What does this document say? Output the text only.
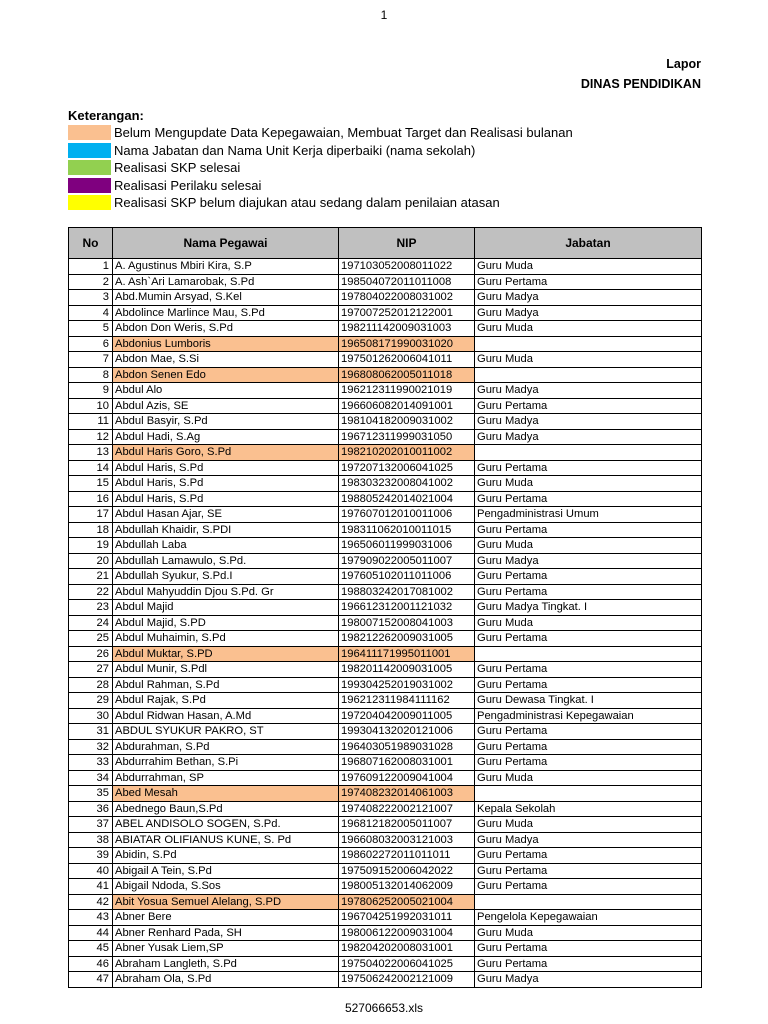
1
Lapor
DINAS PENDIDIKAN
Keterangan:
Belum Mengupdate Data Kepegawaian, Membuat Target dan Realisasi bulanan
Nama Jabatan dan Nama Unit Kerja diperbaiki (nama sekolah)
Realisasi SKP selesai
Realisasi Perilaku selesai
Realisasi SKP belum diajukan atau sedang dalam penilaian atasan
No	Nama Pegawai	NIP	Jabatan
1	A. Agustinus Mbiri Kira, S.P	197103052008011022	Guru Muda
2	A. Ash`Ari Lamarobak, S.Pd	198504072011011008	Guru Pertama
3	Abd.Mumin Arsyad, S.Kel	197804022008031002	Guru Madya
4	Abdolince Marlince Mau, S.Pd	197007252012122001	Guru Madya
5	Abdon Don Weris, S.Pd	198211142009031003	Guru Muda
6	Abdonius Lumboris	196508171990031020	
7	Abdon Mae, S.Si	197501262006041011	Guru Muda
8	Abdon Senen Edo	196808062005011018	
9	Abdul Alo	196212311990021019	Guru Madya
10	Abdul Azis, SE	196606082014091001	Guru Pertama
11	Abdul Basyir, S.Pd	198104182009031002	Guru Madya
12	Abdul Hadi, S.Ag	196712311999031050	Guru Madya
13	Abdul Haris Goro, S.Pd	198210202010011002	
14	Abdul Haris, S.Pd	197207132006041025	Guru Pertama
15	Abdul Haris, S.Pd	198303232008041002	Guru Muda
16	Abdul Haris, S.Pd	198805242014021004	Guru Pertama
17	Abdul Hasan Ajar, SE	197607012010011006	Pengadministrasi Umum
18	Abdullah Khaidir, S.PDI	198311062010011015	Guru Pertama
19	Abdullah Laba	196506011999031006	Guru Muda
20	Abdullah Lamawulo, S.Pd.	197909022005011007	Guru Madya
21	Abdullah Syukur, S.Pd.I	197605102011011006	Guru Pertama
22	Abdul Mahyuddin Djou S.Pd. Gr	198803242017081002	Guru Pertama
23	Abdul Majid	196612312001121032	Guru Madya Tingkat. I
24	Abdul Majid, S.PD	198007152008041003	Guru Muda
25	Abdul Muhaimin, S.Pd	198212262009031005	Guru Pertama
26	Abdul Muktar, S.PD	196411171995011001	
27	Abdul Munir, S.Pdl	198201142009031005	Guru Pertama
28	Abdul Rahman, S.Pd	199304252019031002	Guru Pertama
29	Abdul Rajak, S.Pd	196212311984111162	Guru Dewasa Tingkat. I
30	Abdul Ridwan Hasan, A.Md	197204042009011005	Pengadministrasi Kepegawaian
31	ABDUL SYUKUR PAKRO, ST	199304132020121006	Guru Pertama
32	Abdurahman, S.Pd	196403051989031028	Guru Pertama
33	Abdurrahim Bethan, S.Pi	196807162008031001	Guru Pertama
34	Abdurrahman, SP	197609122009041004	Guru Muda
35	Abed Mesah	197408232014061003	
36	Abednego Baun,S.Pd	197408222002121007	Kepala Sekolah
37	ABEL ANDISOLO SOGEN, S.Pd.	196812182005011007	Guru Muda
38	ABIATAR OLIFIANUS KUNE, S. Pd	196608032003121003	Guru Madya
39	Abidin, S.Pd	198602272011011011	Guru Pertama
40	Abigail A Tein, S.Pd	197509152006042022	Guru Pertama
41	Abigail Ndoda, S.Sos	198005132014062009	Guru Pertama
42	Abit Yosua Semuel Alelang, S.PD	197806252005021004	
43	Abner Bere	196704251992031011	Pengelola Kepegawaian
44	Abner Renhard Pada, SH	198006122009031004	Guru Muda
45	Abner Yusak Liem,SP	198204202008031001	Guru Pertama
46	Abraham Langleth, S.Pd	197504022006041025	Guru Pertama
47	Abraham Ola, S.Pd	197506242002121009	Guru Madya
527066653.xls
